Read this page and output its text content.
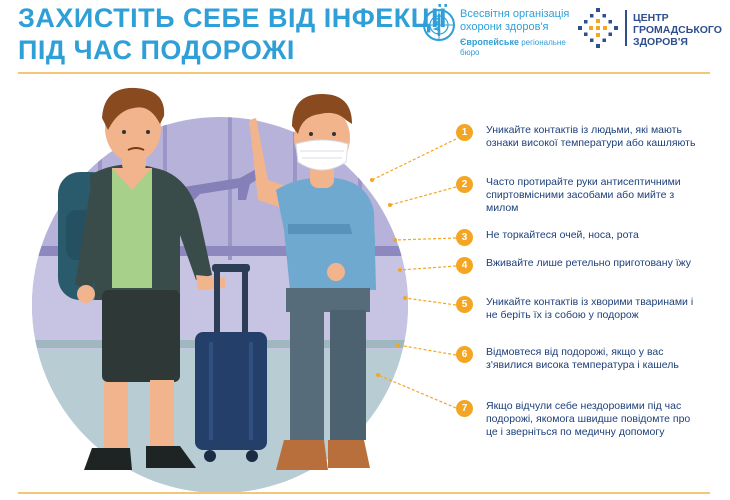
ЗАХИСТІТЬ СЕБЕ ВІД ІНФЕКЦІЇ
ПІД ЧАС ПОДОРОЖІ
Всесвітня організація
охорони здоров'я
Європейське регіональне бюро
ЦЕНТР
ГРОМАДСЬКОГО
ЗДОРОВ'Я
1	Уникайте контактів із людьми, які мають ознаки високої температури або кашляють
2	Часто протирайте руки антисептичними спиртовмісними засобами або мийте з милом
3	Не торкайтеся очей, носа, рота
4	Вживайте лише ретельно приготовану їжу
5	Уникайте контактів із хворими тваринами і не беріть їх із собою у подорож
6	Відмовтеся від подорожі, якщо у вас з'явилися висока температура і кашель
7	Якщо відчули себе нездоровими під час подорожі, якомога швидше повідомте про це і зверніться по медичну допомогу
